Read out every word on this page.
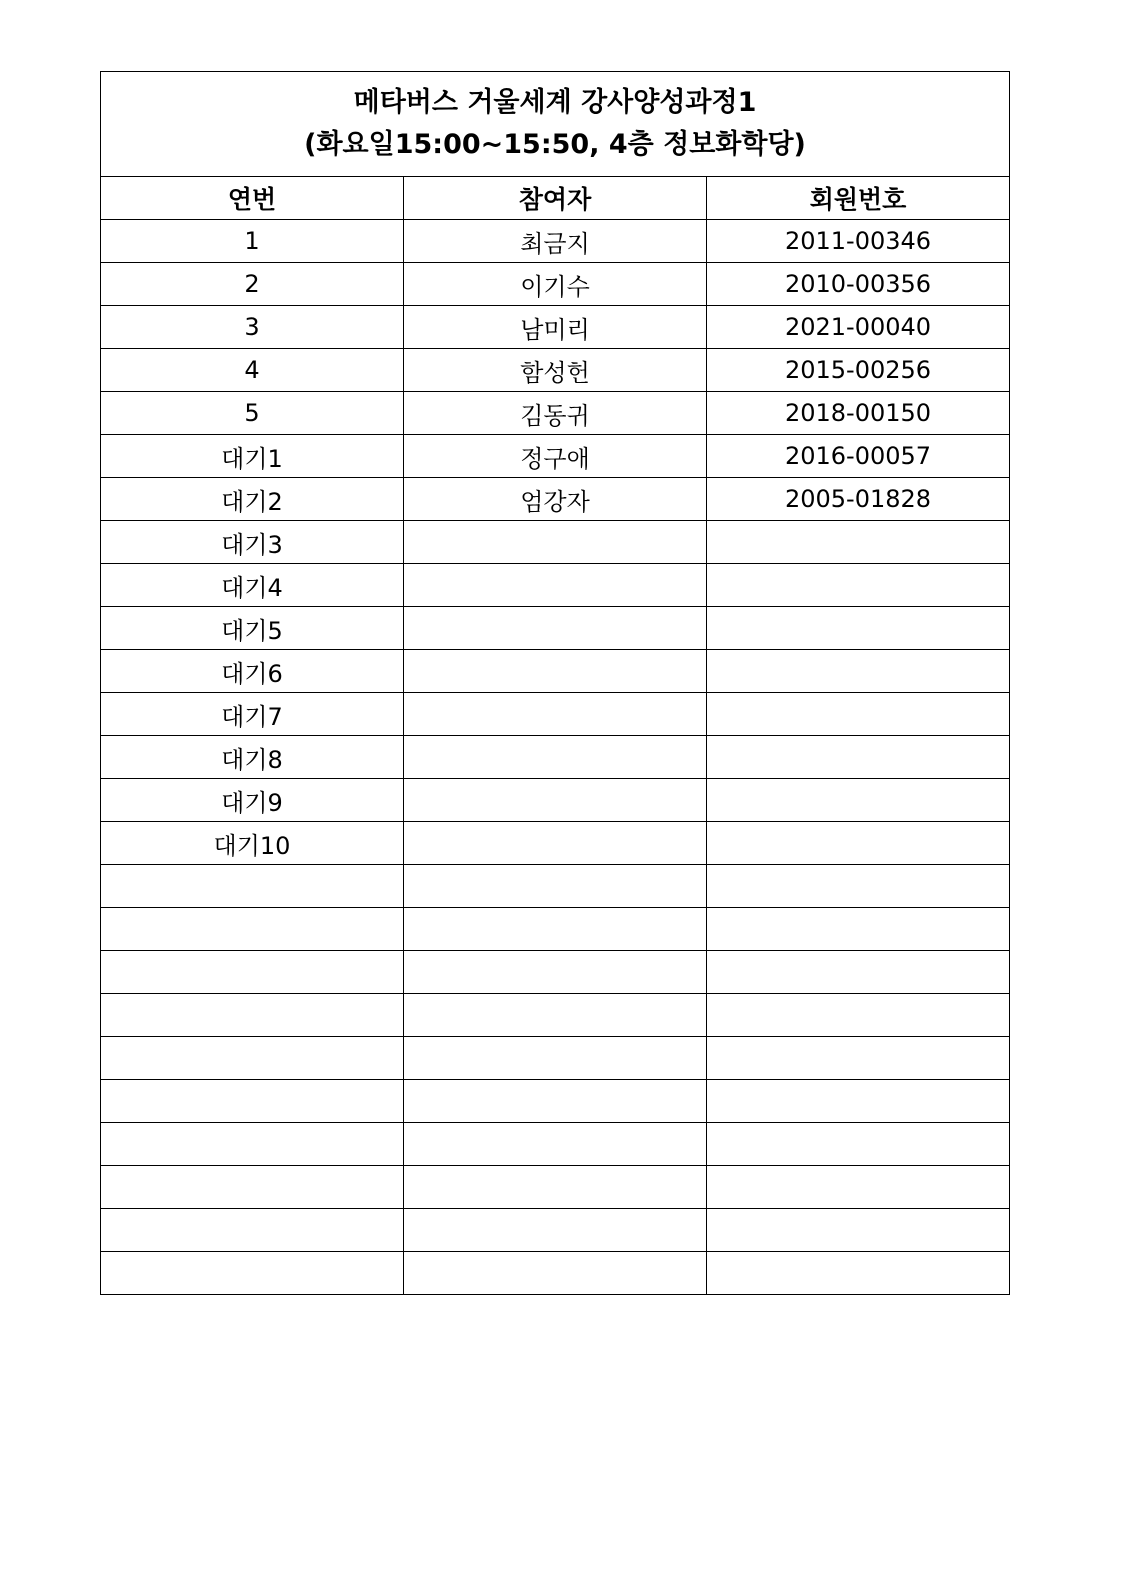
메타버스 거울세계 강사양성과정1
(화요일15:00~15:50, 4층 정보화학당)		

연번	참여자	회원번호
1	최금지	2011-00346
2	이기수	2010-00356
3	남미리	2021-00040
4	함성헌	2015-00256
5	김동귀	2018-00150
대기1	정구애	2016-00057
대기2	엄강자	2005-01828
대기3		
대기4		
대기5		
대기6		
대기7		
대기8		
대기9		
대기10		
